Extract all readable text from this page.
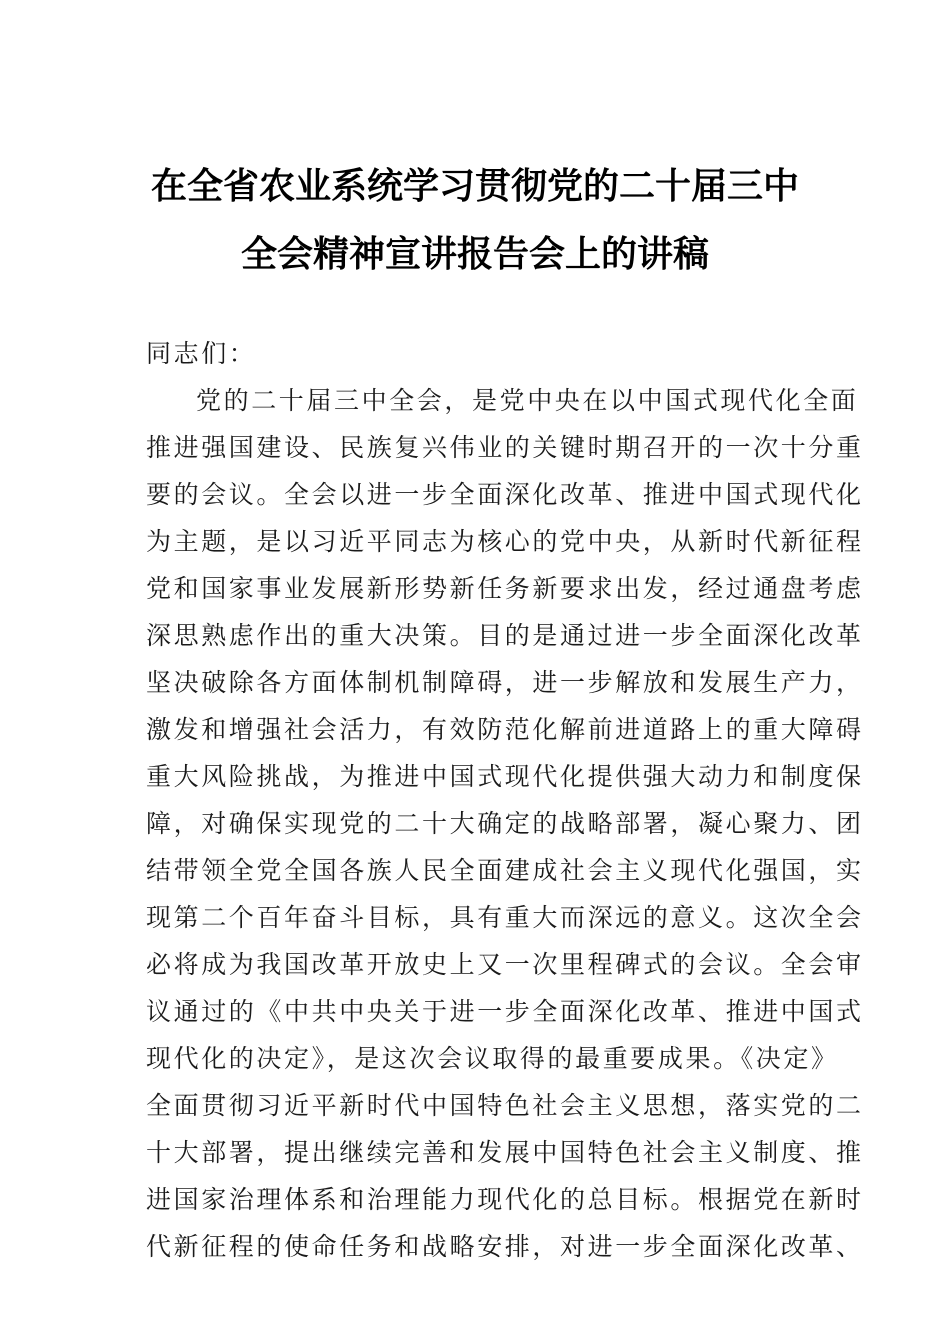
在全省农业系统学习贯彻党的二十届三中
全会精神宣讲报告会上的讲稿
同志们：
党的二十届三中全会，是党中央在以中国式现代化全面
推进强国建设、民族复兴伟业的关键时期召开的一次十分重
要的会议。全会以进一步全面深化改革、推进中国式现代化
为主题，是以习近平同志为核心的党中央，从新时代新征程
党和国家事业发展新形势新任务新要求出发，经过通盘考虑
深思熟虑作出的重大决策。目的是通过进一步全面深化改革
坚决破除各方面体制机制障碍，进一步解放和发展生产力，
激发和增强社会活力，有效防范化解前进道路上的重大障碍
重大风险挑战，为推进中国式现代化提供强大动力和制度保
障，对确保实现党的二十大确定的战略部署，凝心聚力、团
结带领全党全国各族人民全面建成社会主义现代化强国，实
现第二个百年奋斗目标，具有重大而深远的意义。这次全会
必将成为我国改革开放史上又一次里程碑式的会议。全会审
议通过的《中共中央关于进一步全面深化改革、推进中国式
现代化的决定》，是这次会议取得的最重要成果。《决定》
全面贯彻习近平新时代中国特色社会主义思想，落实党的二
十大部署，提出继续完善和发展中国特色社会主义制度、推
进国家治理体系和治理能力现代化的总目标。根据党在新时
代新征程的使命任务和战略安排，对进一步全面深化改革、
